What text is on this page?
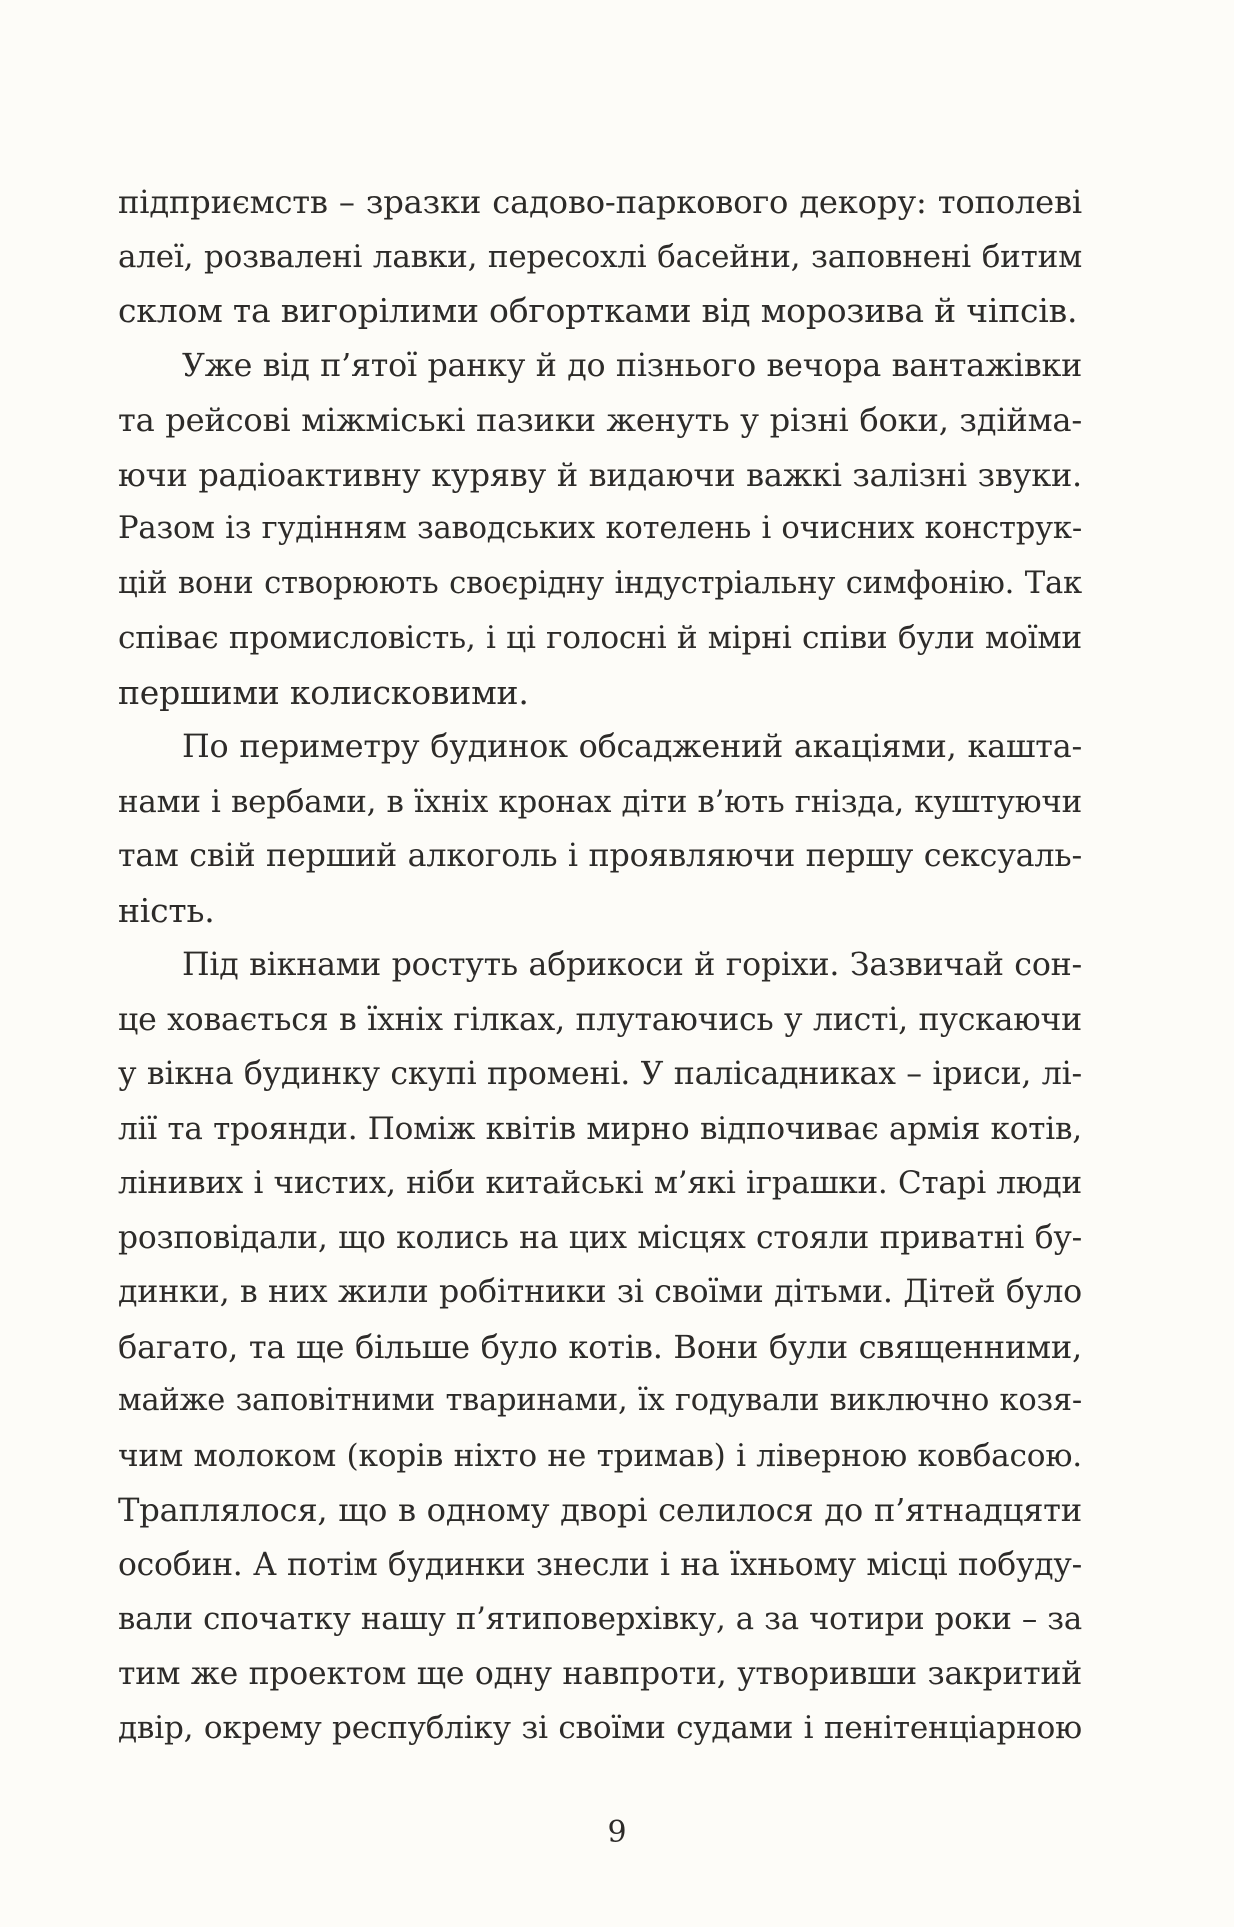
підприємств – зразки садово-паркового декору: тополеві
алеї, розвалені лавки, пересохлі басейни, заповнені битим
склом та вигорілими обгортками від морозива й чіпсів.
Уже від п’ятої ранку й до пізнього вечора вантажівки
та рейсові міжміські пазики женуть у різні боки, здійма-
ючи радіоактивну куряву й видаючи важкі залізні звуки.
Разом із гудінням заводських котелень і очисних конструк-
цій вони створюють своєрідну індустріальну симфонію. Так
співає промисловість, і ці голосні й мірні співи були моїми
першими колисковими.
По периметру будинок обсаджений акаціями, кашта-
нами і вербами, в їхніх кронах діти в’ють гнізда, куштуючи
там свій перший алкоголь і проявляючи першу сексуаль-
ність.
Під вікнами ростуть абрикоси й горіхи. Зазвичай сон-
це ховається в їхніх гілках, плутаючись у листі, пускаючи
у вікна будинку скупі промені. У палісадниках – іриси, лі-
лії та троянди. Поміж квітів мирно відпочиває армія котів,
лінивих і чистих, ніби китайські м’які іграшки. Старі люди
розповідали, що колись на цих місцях стояли приватні бу-
динки, в них жили робітники зі своїми дітьми. Дітей було
багато, та ще більше було котів. Вони були священними,
майже заповітними тваринами, їх годували виключно козя-
чим молоком (корів ніхто не тримав) і ліверною ковбасою.
Траплялося, що в одному дворі селилося до п’ятнадцяти
особин. А потім будинки знесли і на їхньому місці побуду-
вали спочатку нашу п’ятиповерхівку, а за чотири роки – за
тим же проектом ще одну навпроти, утворивши закритий
двір, окрему республіку зі своїми судами і пенітенціарною
9
